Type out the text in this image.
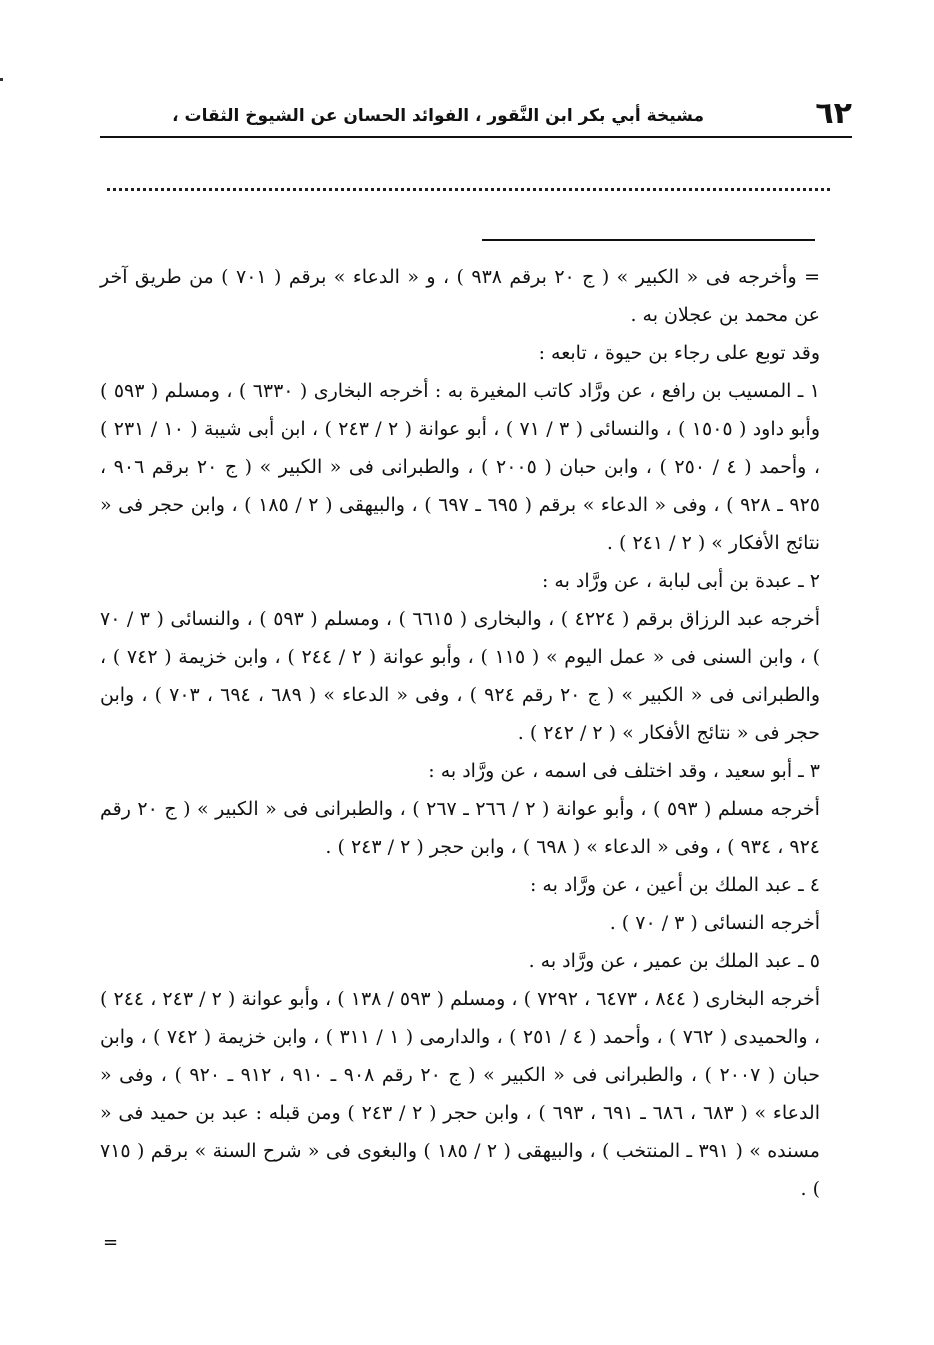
٦٢
مشيخة أبي بكر ابن النَّقور ، الفوائد الحسان عن الشيوخ الثقات ،

= وأخرجه فى « الكبير » ( ج ٢٠ برقم ٩٣٨ ) ، و « الدعاء » برقم ( ٧٠١ ) من طريق آخر عن محمد بن عجلان به .

وقد توبع على رجاء بن حيوة ، تابعه :

١ ـ المسيب بن رافع ، عن ورَّاد كاتب المغيرة به : أخرجه البخارى ( ٦٣٣٠ ) ، ومسلم ( ٥٩٣ ) وأبو داود ( ١٥٠٥ ) ، والنسائى ( ٣ / ٧١ ) ، أبو عوانة ( ٢ / ٢٤٣ ) ، ابن أبى شيبة ( ١٠ / ٢٣١ ) ، وأحمد ( ٤ / ٢٥٠ ) ، وابن حبان ( ٢٠٠٥ ) ، والطبرانى فى « الكبير » ( ج ٢٠ برقم ٩٠٦ ، ٩٢٥ ـ ٩٢٨ ) ، وفى « الدعاء » برقم ( ٦٩٥ ـ ٦٩٧ ) ، والبيهقى ( ٢ / ١٨٥ ) ، وابن حجر فى « نتائج الأفكار » ( ٢ / ٢٤١ ) .

٢ ـ عبدة بن أبى لبابة ، عن ورَّاد به :

أخرجه عبد الرزاق برقم ( ٤٢٢٤ ) ، والبخارى ( ٦٦١٥ ) ، ومسلم ( ٥٩٣ ) ، والنسائى ( ٣ / ٧٠ ) ، وابن السنى فى « عمل اليوم » ( ١١٥ ) ، وأبو عوانة ( ٢ / ٢٤٤ ) ، وابن خزيمة ( ٧٤٢ ) ، والطبرانى فى « الكبير » ( ج ٢٠ رقم ٩٢٤ ) ، وفى « الدعاء » ( ٦٨٩ ، ٦٩٤ ، ٧٠٣ ) ، وابن حجر فى « نتائج الأفكار » ( ٢ / ٢٤٢ ) .

٣ ـ أبو سعيد ، وقد اختلف فى اسمه ، عن ورَّاد به :

أخرجه مسلم ( ٥٩٣ ) ، وأبو عوانة ( ٢ / ٢٦٦ ـ ٢٦٧ ) ، والطبرانى فى « الكبير » ( ج ٢٠ رقم ٩٢٤ ، ٩٣٤ ) ، وفى « الدعاء » ( ٦٩٨ ) ، وابن حجر ( ٢ / ٢٤٣ ) .

٤ ـ عبد الملك بن أعين ، عن ورَّاد به :

أخرجه النسائى ( ٣ / ٧٠ ) .

٥ ـ عبد الملك بن عمير ، عن ورَّاد به .

أخرجه البخارى ( ٨٤٤ ، ٦٤٧٣ ، ٧٢٩٢ ) ، ومسلم ( ٥٩٣ / ١٣٨ ) ، وأبو عوانة ( ٢ / ٢٤٣ ، ٢٤٤ ) ، والحميدى ( ٧٦٢ ) ، وأحمد ( ٤ / ٢٥١ ) ، والدارمى ( ١ / ٣١١ ) ، وابن خزيمة ( ٧٤٢ ) ، وابن حبان ( ٢٠٠٧ ) ، والطبرانى فى « الكبير » ( ج ٢٠ رقم ٩٠٨ ـ ٩١٠ ، ٩١٢ ـ ٩٢٠ ) ، وفى « الدعاء » ( ٦٨٣ ، ٦٨٦ ـ ٦٩١ ، ٦٩٣ ) ، وابن حجر ( ٢ / ٢٤٣ ) ومن قبله : عبد بن حميد فى « مسنده » ( ٣٩١ ـ المنتخب ) ، والبيهقى ( ٢ / ١٨٥ ) والبغوى فى « شرح السنة » برقم ( ٧١٥ ) .

=
